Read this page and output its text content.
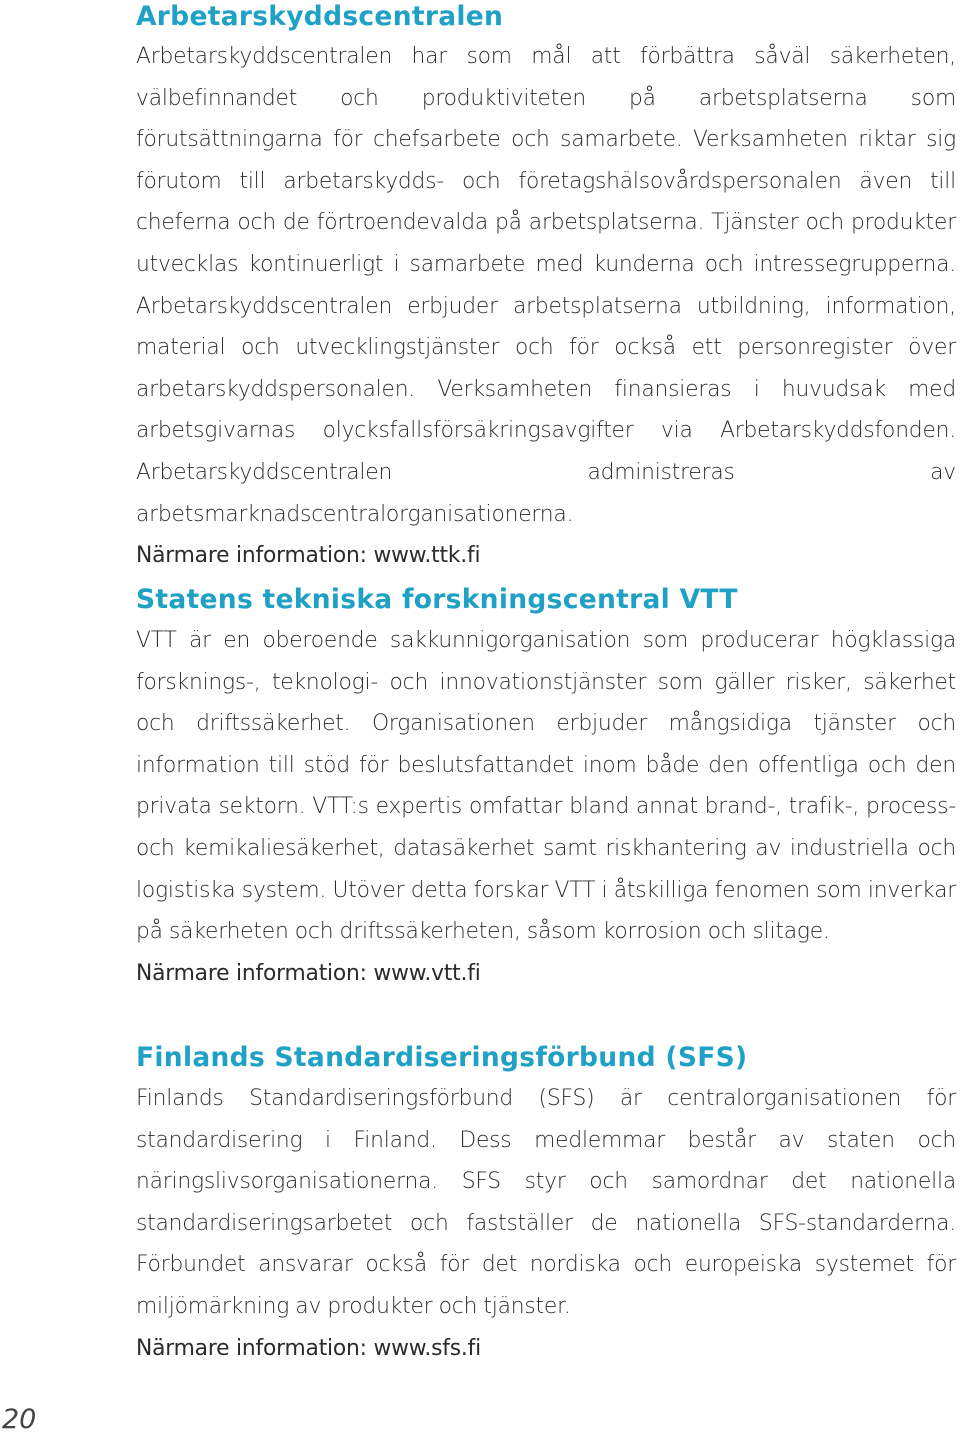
Arbetarskyddscentralen

Arbetarskyddscentralen har som mål att förbättra såväl säkerheten, välbefinnandet och produktiviteten på arbetsplatserna som förutsättningarna för chefsarbete och samarbete. Verksamheten riktar sig förutom till arbetarskydds- och företagshälsovårdspersonalen även till cheferna och de förtroendevalda på arbetsplatserna. Tjänster och produkter utvecklas kontinuerligt i samarbete med kunderna och intressegrupperna. Arbetarskyddscentralen erbjuder arbetsplatserna utbildning, information, material och utvecklingstjänster och för också ett personregister över arbetarskyddspersonalen. Verksamheten finansieras i huvudsak med arbetsgivarnas olycksfallsförsäkringsavgifter via Arbetarskyddsfonden. Arbetarskyddscentralen administreras av arbetsmarknadscentralorganisationerna.

Närmare information: www.ttk.fi

Statens tekniska forskningscentral VTT

VTT är en oberoende sakkunnigorganisation som producerar högklassiga forsknings-, teknologi- och innovationstjänster som gäller risker, säkerhet och driftssäkerhet. Organisationen erbjuder mångsidiga tjänster och information till stöd för beslutsfattandet inom både den offentliga och den privata sektorn. VTT:s expertis omfattar bland annat brand-, trafik-, process- och kemikaliesäkerhet, datasäkerhet samt riskhantering av industriella och logistiska system. Utöver detta forskar VTT i åtskilliga fenomen som inverkar på säkerheten och driftssäkerheten, såsom korrosion och slitage.

Närmare information: www.vtt.fi

Finlands Standardiseringsförbund (SFS)

Finlands Standardiseringsförbund (SFS) är centralorganisationen för standardisering i Finland. Dess medlemmar består av staten och näringslivsorganisationerna. SFS styr och samordnar det nationella standardiseringsarbetet och fastställer de nationella SFS-standarderna. Förbundet ansvarar också för det nordiska och europeiska systemet för miljömärkning av produkter och tjänster.

Närmare information: www.sfs.fi

20
